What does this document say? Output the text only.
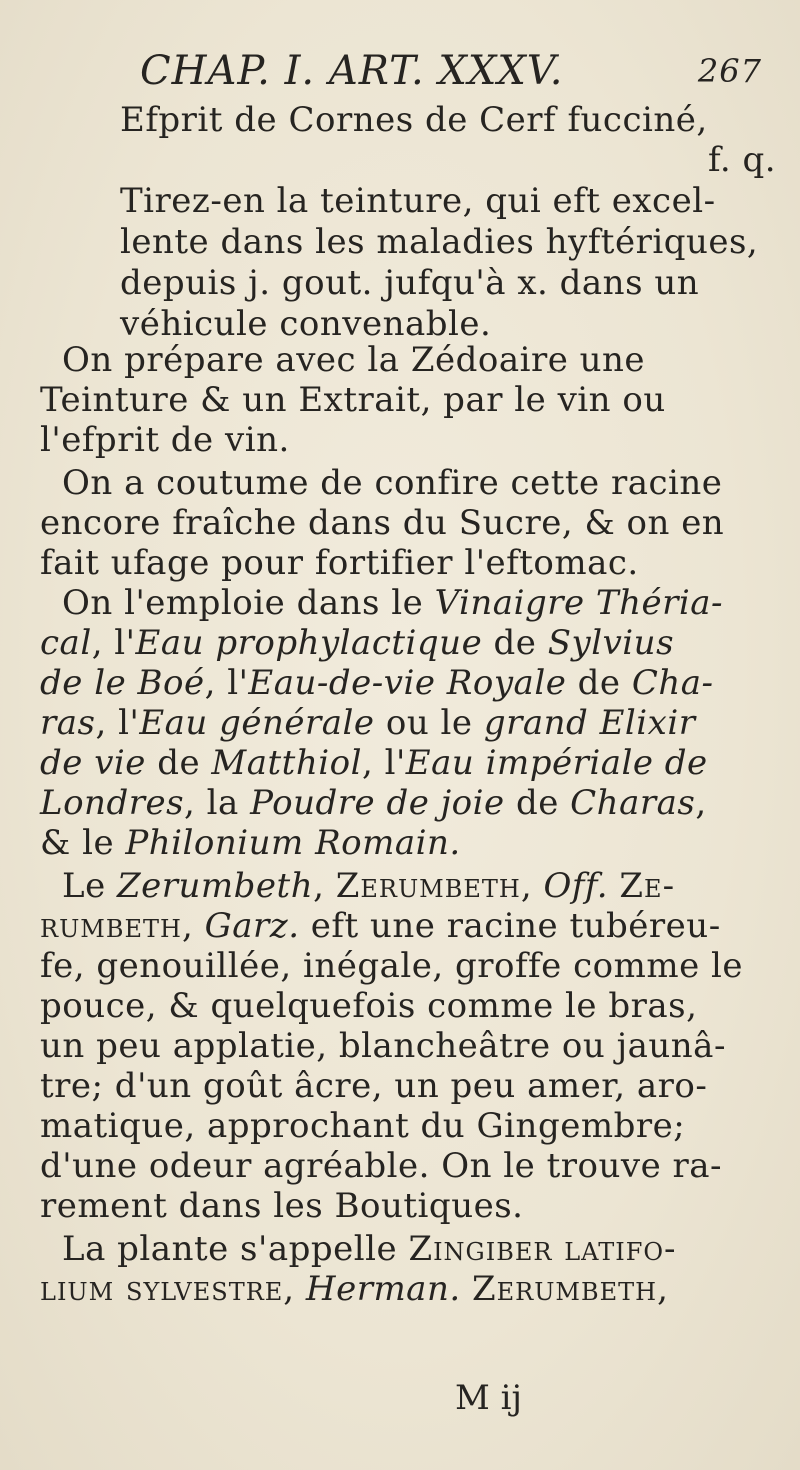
CHAP. I. ART. XXXV.	267
Efprit de Cornes de Cerf fucciné,
f. q.
Tirez-en la teinture, qui eft excel-
lente dans les maladies hyftériques,
depuis j. gout. jufqu'à x. dans un
véhicule convenable.
On prépare avec la Zédoaire une
Teinture & un Extrait, par le vin ou
l'efprit de vin.
On a coutume de confire cette racine
encore fraîche dans du Sucre, & on en
fait ufage pour fortifier l'eftomac.
On l'emploie dans le Vinaigre Théria-
cal, l'Eau prophylactique de Sylvius
de le Boé, l'Eau-de-vie Royale de Cha-
ras, l'Eau générale ou le grand Elixir
de vie de Matthiol, l'Eau impériale de
Londres, la Poudre de joie de Charas,
& le Philonium Romain.
Le Zerumbeth, Zerumbeth, Off. Ze-
rumbeth, Garz. eft une racine tubéreu-
fe, genouillée, inégale, groffe comme le
pouce, & quelquefois comme le bras,
un peu applatie, blancheâtre ou jaunâ-
tre; d'un goût âcre, un peu amer, aro-
matique, approchant du Gingembre;
d'une odeur agréable. On le trouve ra-
rement dans les Boutiques.
La plante s'appelle Zingiber latifo-
lium sylvestre, Herman. Zerumbeth,
M ij
